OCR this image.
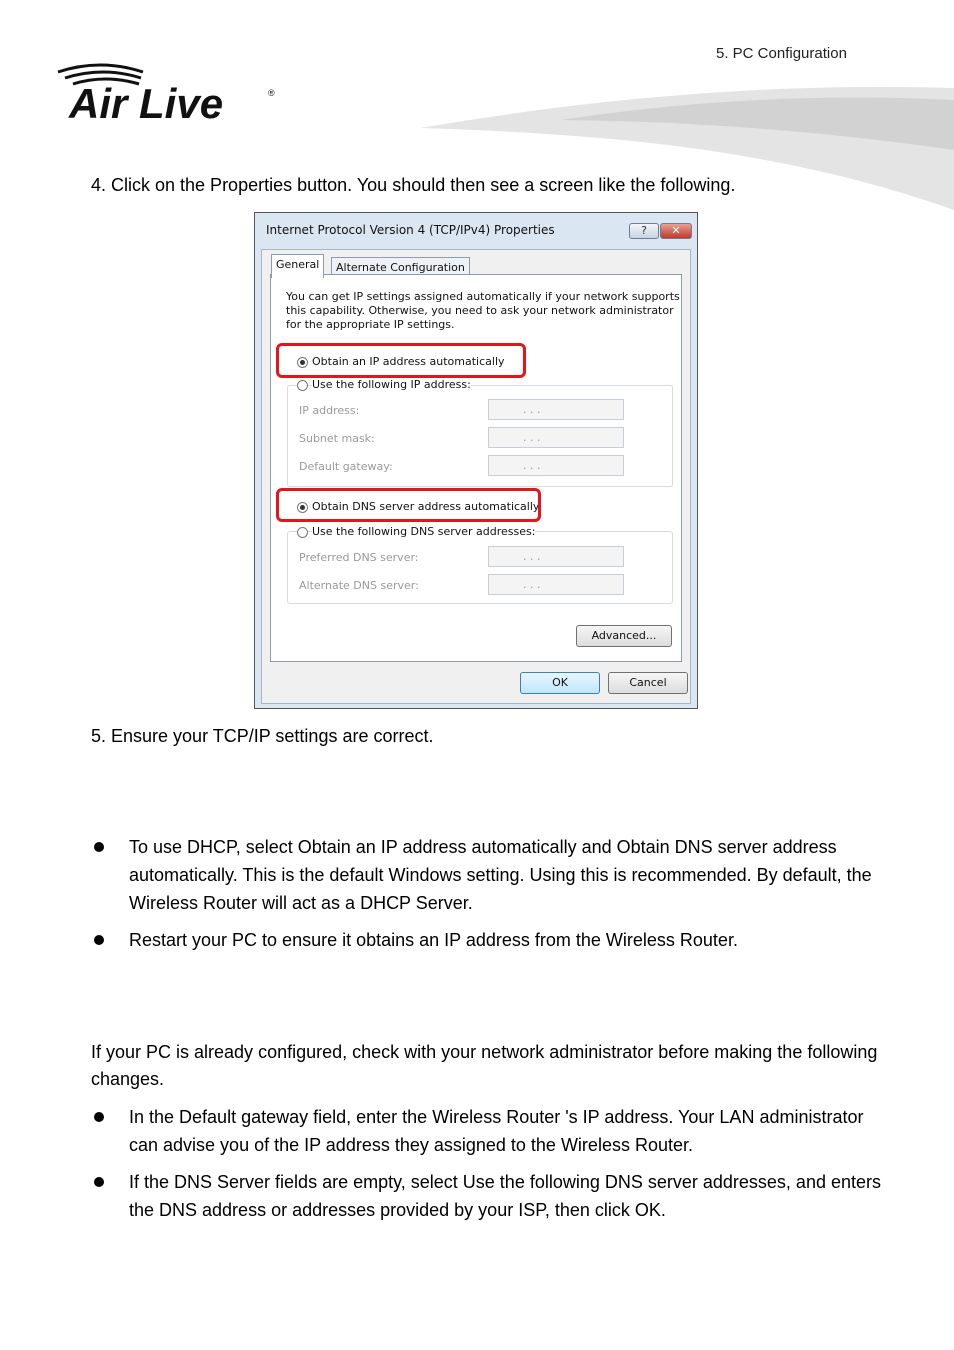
Air Live	®
5. PC Configuration
4. Click on the Properties button. You should then see a screen like the following.
Internet Protocol Version 4 (TCP/IPv4) Properties	?	✕
General	Alternate Configuration
You can get IP settings assigned automatically if your network supports
this capability. Otherwise, you need to ask your network administrator
for the appropriate IP settings.
Obtain an IP address automatically
Use the following IP address:
IP address:	. . .
Subnet mask:	. . .
Default gateway:	. . .
Obtain DNS server address automatically
Use the following DNS server addresses:
Preferred DNS server:	. . .
Alternate DNS server:	. . .
Advanced...
OK	Cancel
5. Ensure your TCP/IP settings are correct.
To use DHCP, select Obtain an IP address automatically and Obtain DNS server address automatically. This is the default Windows setting. Using this is recommended. By default, the Wireless Router will act as a DHCP Server.
Restart your PC to ensure it obtains an IP address from the Wireless Router.
If your PC is already configured, check with your network administrator before making the following changes.
In the Default gateway field, enter the Wireless Router 's IP address. Your LAN administrator can advise you of the IP address they assigned to the Wireless Router.
If the DNS Server fields are empty, select Use the following DNS server addresses, and enters the DNS address or addresses provided by your ISP, then click OK.
